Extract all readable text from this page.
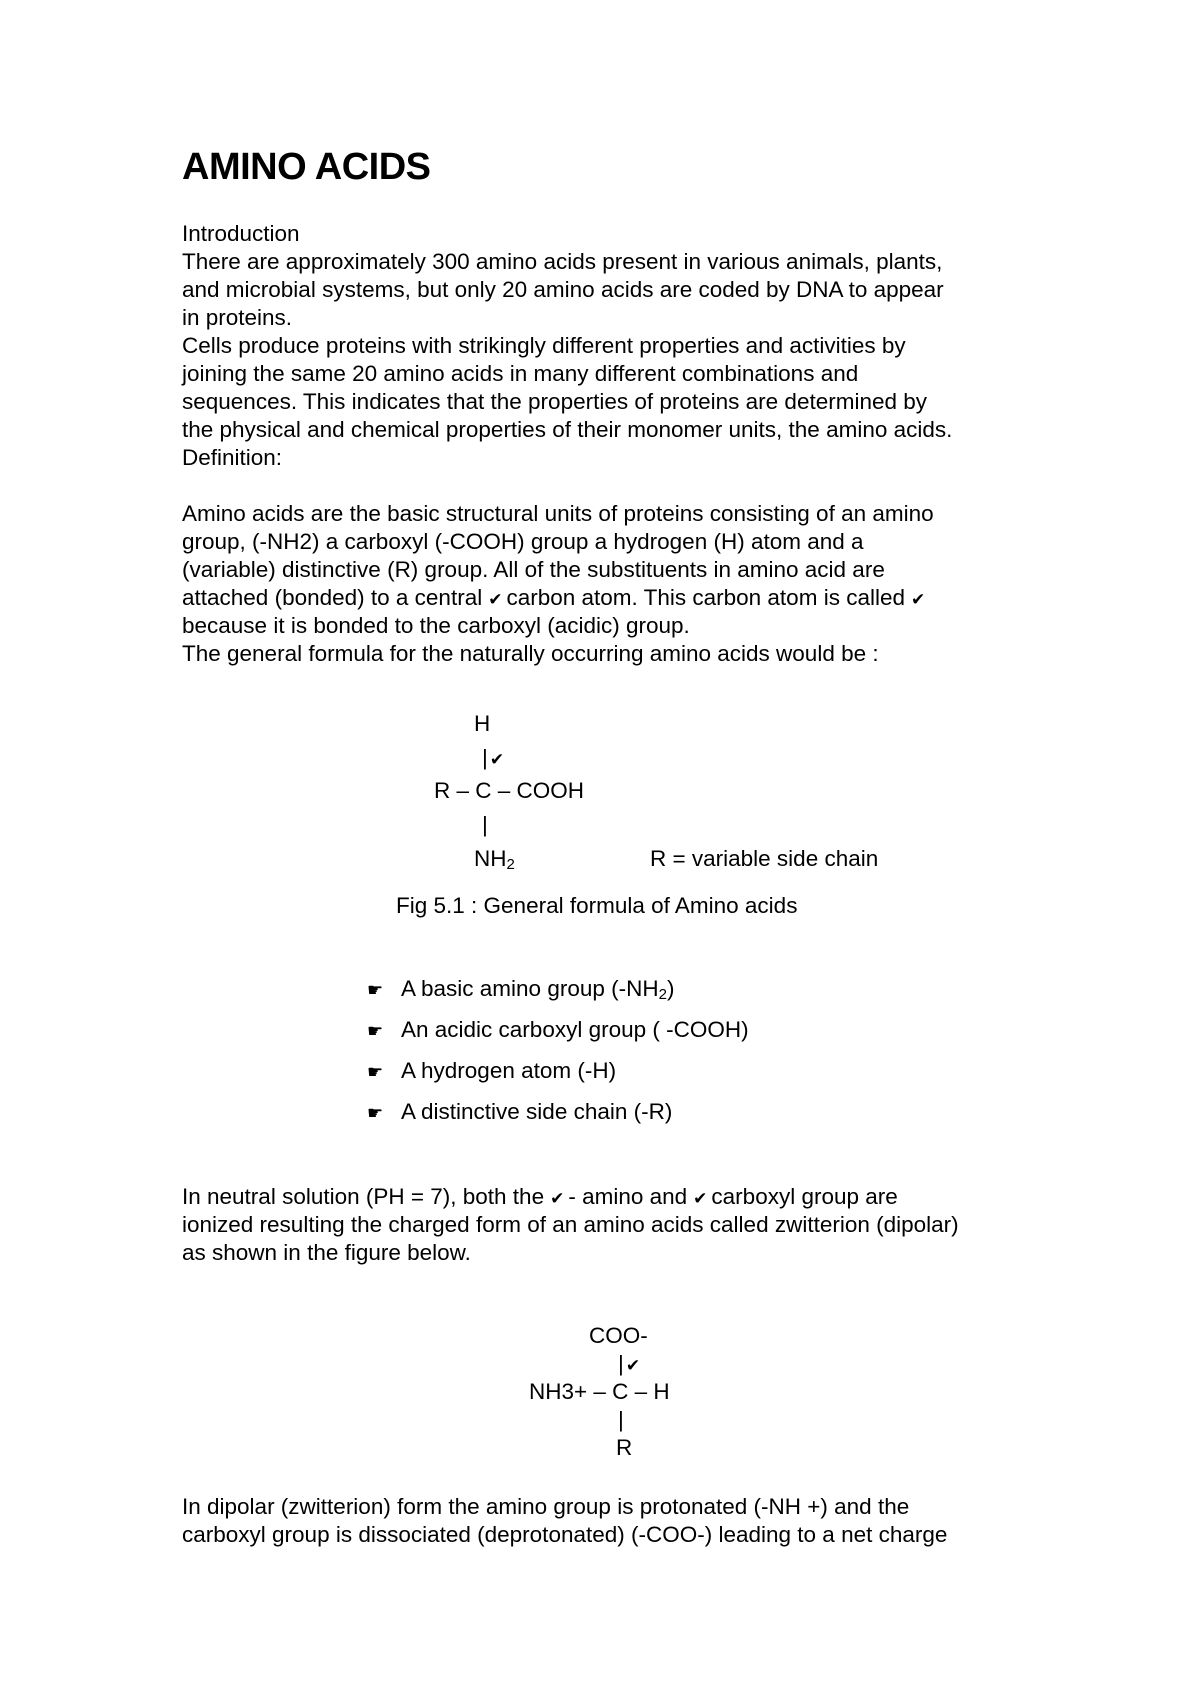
AMINO ACIDS
Introduction
There are approximately 300 amino acids present in various animals, plants,
and microbial systems, but only 20 amino acids are coded by DNA to appear
in proteins.
Cells produce proteins with strikingly different properties and activities by
joining the same 20 amino acids in many different combinations and
sequences. This indicates that the properties of proteins are determined by
the physical and chemical properties of their monomer units, the amino acids.
Definition:
Amino acids are the basic structural units of proteins consisting of an amino
group, (-NH2) a carboxyl (-COOH) group a hydrogen (H) atom and a
(variable) distinctive (R) group. All of the substituents in amino acid are
attached (bonded) to a central ✔ carbon atom. This carbon atom is called ✔
because it is bonded to the carboxyl (acidic) group.
The general formula for the naturally occurring amino acids would be :
H
| ✔
R – C – COOH
|
$NH_2$	R = variable side chain
Fig 5.1 : General formula of Amino acids
☛ A basic amino group $(-NH_2)$
☛ An acidic carboxyl group ( -COOH)
☛ A hydrogen atom (-H)
☛ A distinctive side chain (-R)
In neutral solution (PH = 7), both the ✔ - amino and ✔ carboxyl group are
ionized resulting the charged form of an amino acids called zwitterion (dipolar)
as shown in the figure below.
COO-
| ✔
NH3+ – C – H
|
R
In dipolar (zwitterion) form the amino group is protonated (-NH +) and the
carboxyl group is dissociated (deprotonated) (-COO-) leading to a net charge
